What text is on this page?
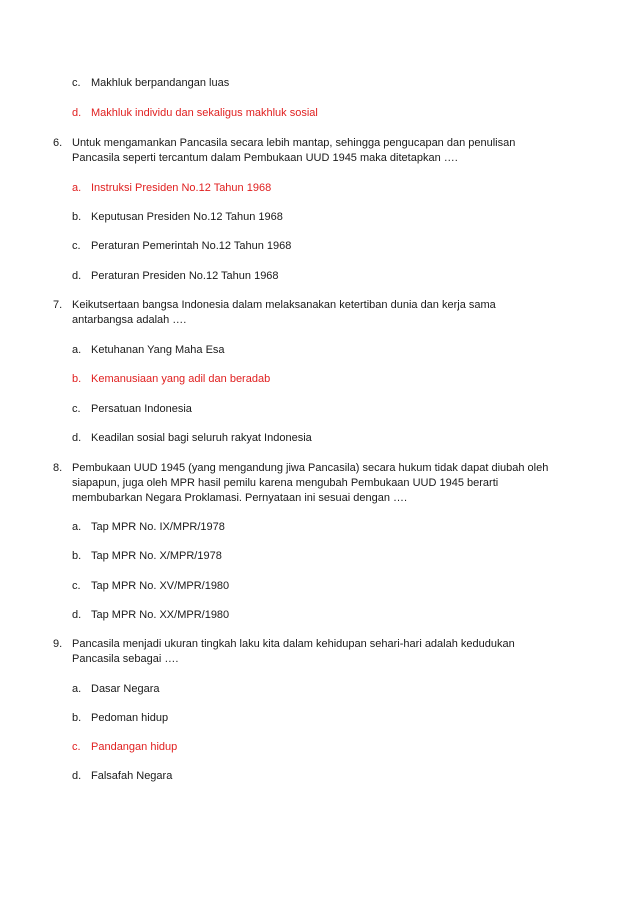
c. Makhluk berpandangan luas
d. Makhluk individu dan sekaligus makhluk sosial
6. Untuk mengamankan Pancasila secara lebih mantap, sehingga pengucapan dan penulisan
Pancasila seperti tercantum dalam Pembukaan UUD 1945 maka ditetapkan ….
a. Instruksi Presiden No.12 Tahun 1968
b. Keputusan Presiden No.12 Tahun 1968
c. Peraturan Pemerintah No.12 Tahun 1968
d. Peraturan Presiden No.12 Tahun 1968
7. Keikutsertaan bangsa Indonesia dalam melaksanakan ketertiban dunia dan kerja sama
antarbangsa adalah ….
a. Ketuhanan Yang Maha Esa
b. Kemanusiaan yang adil dan beradab
c. Persatuan Indonesia
d. Keadilan sosial bagi seluruh rakyat Indonesia
8. Pembukaan UUD 1945 (yang mengandung jiwa Pancasila) secara hukum tidak dapat diubah oleh
siapapun, juga oleh MPR hasil pemilu karena mengubah Pembukaan UUD 1945 berarti
membubarkan Negara Proklamasi. Pernyataan ini sesuai dengan ….
a. Tap MPR No. IX/MPR/1978
b. Tap MPR No. X/MPR/1978
c. Tap MPR No. XV/MPR/1980
d. Tap MPR No. XX/MPR/1980
9. Pancasila menjadi ukuran tingkah laku kita dalam kehidupan sehari-hari adalah kedudukan
Pancasila sebagai ….
a. Dasar Negara
b. Pedoman hidup
c. Pandangan hidup
d. Falsafah Negara
